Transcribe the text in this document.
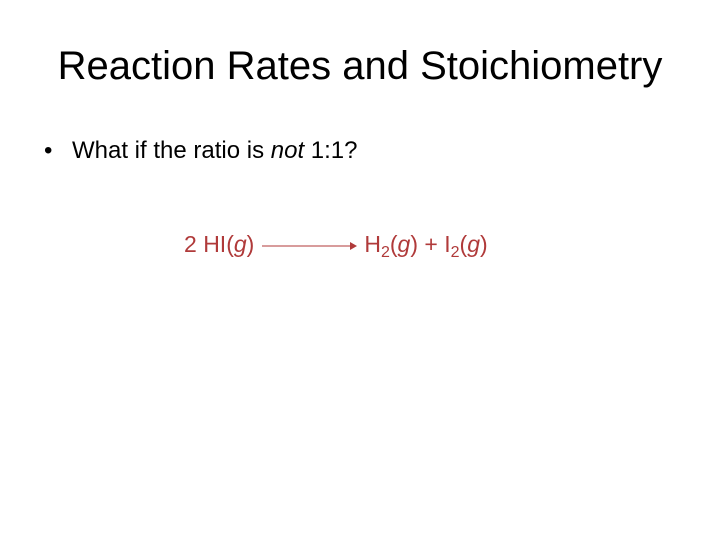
Reaction Rates and Stoichiometry
• What if the ratio is not 1:1?
2 HI(g)	$H_2(g) + I_2(g)$
